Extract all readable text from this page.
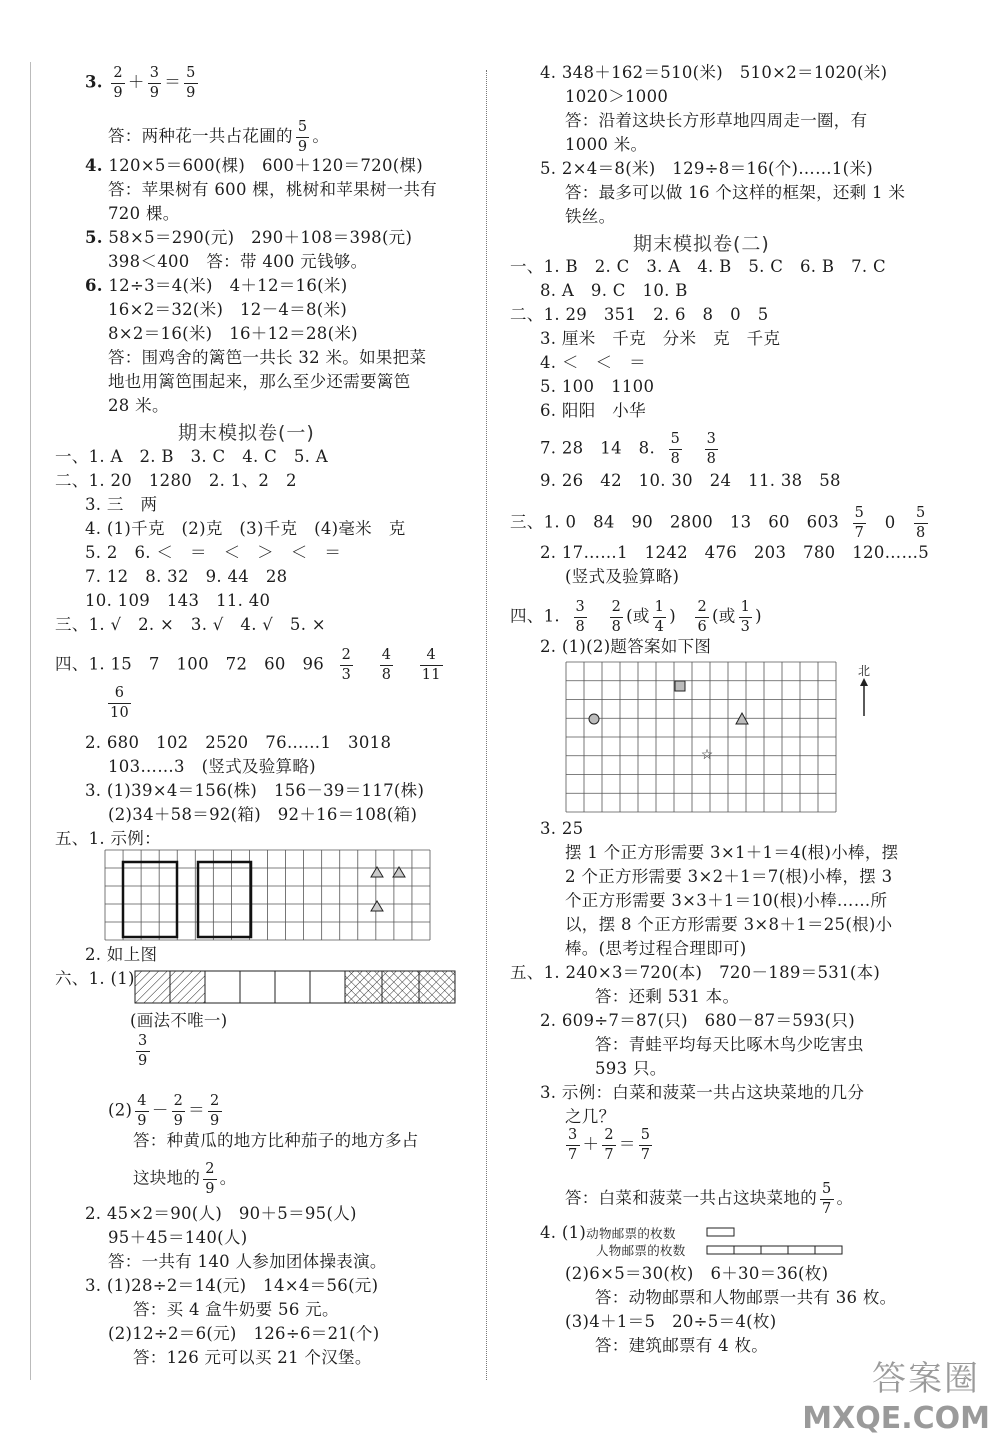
3. $\frac{2}{9} + \frac{3}{9} = \frac{5}{9}$
答：两种花一共占花圃的 $\frac{5}{9}$ 。
4. 120×5＝600(棵)　600＋120＝720(棵)
答：苹果树有 600 棵，桃树和苹果树一共有
720 棵。
5. 58×5＝290(元)　290＋108＝398(元)
398＜400　答：带 400 元钱够。
6. 12÷3＝4(米)　4＋12＝16(米)
16×2＝32(米)　12－4＝8(米)
8×2＝16(米)　16＋12＝28(米)
答：围鸡舍的篱笆一共长 32 米。如果把菜
地也用篱笆围起来，那么至少还需要篱笆
28 米。
期末模拟卷(一)
一、1. A　2. B　3. C　4. C　5. A
二、1. 20　1280　2. 1、2　2
3. 三　两
4. (1)千克　(2)克　(3)千克　(4)毫米　克
5. 2　6. ＜　＝　＜　＞　＜　＝
7. 12　8. 32　9. 44　28
10. 109　143　11. 40
三、1. √　2. ×　3. √　4. √　5. ×
四、1. 15　7　100　72　60　$96 \frac{2}{3}$
$\frac{4}{8}$
$\frac{4}{11}$
$\frac{6}{10}$
2. 680　102　2520　76……1　3018
103……3　(竖式及验算略)
3. (1)39×4＝156(株)　156－39＝117(株)
(2)34＋58＝92(箱)　92＋16＝108(箱)
五、1. 示例：
2. 如上图
六、1. (1)
(画法不唯一)
$\frac{3}{9}$
$(2) \frac{4}{9} - \frac{2}{9} = \frac{2}{9}$
答：种黄瓜的地方比种茄子的地方多占
这块地的 $\frac{2}{9}$ 。
2. 45×2＝90(人)　90＋5＝95(人)
95＋45＝140(人)
答：一共有 140 人参加团体操表演。
3. (1)28÷2＝14(元)　14×4＝56(元)
答：买 4 盒牛奶要 56 元。
(2)12÷2＝6(元)　126÷6＝21(个)
答：126 元可以买 21 个汉堡。
4. 348＋162＝510(米)　510×2＝1020(米)
1020＞1000
答：沿着这块长方形草地四周走一圈，有
1000 米。
5. 2×4＝8(米)　129÷8＝16(个)……1(米)
答：最多可以做 16 个这样的框架，还剩 1 米
铁丝。
期末模拟卷(二)
一、1. B　2. C　3. A　4. B　5. C　6. B　7. C
8. A　9. C　10. B
二、1. 29　351　2. 6　8　0　5
3. 厘米　千克　分米　克　千克
4. ＜　＜　＝
5. 100　1100
6. 阳阳　小华
7. 28　14　8. $\frac{5}{8}$
$\frac{3}{8}$
9. 26　42　10. 30　24　11. 38　58
三、1. 0　84　90　2800　13　60　$603 \frac{5}{7} 0 \frac{5}{8}$
2. 17……1　1242　476　203　780　120……5
(竖式及验算略)
四、1. $\frac{3}{8}$
$\frac{2}{8}$ (或 $\frac{1}{4}$ ) $\frac{2}{6}$ (或 $\frac{1}{3}$ )
2. (1)(2)题答案如下图
☆
北
3. 25
摆 1 个正方形需要 3×1＋1＝4(根)小棒，摆
2 个正方形需要 3×2＋1＝7(根)小棒，摆 3
个正方形需要 3×3＋1＝10(根)小棒……所
以，摆 8 个正方形需要 3×8＋1＝25(根)小
棒。(思考过程合理即可)
五、1. 240×3＝720(本)　720－189＝531(本)
答：还剩 531 本。
2. 609÷7＝87(只)　680－87＝593(只)
答：青蛙平均每天比啄木鸟少吃害虫
593 只。
3. 示例：白菜和菠菜一共占这块菜地的几分
之几？
$\frac{3}{7} + \frac{2}{7} = \frac{5}{7}$
答：白菜和菠菜一共占这块菜地的 $\frac{5}{7}$ 。
4. (1)动物邮票的枚数
人物邮票的枚数
(2)6×5＝30(枚)　6＋30＝36(枚)
答：动物邮票和人物邮票一共有 36 枚。
(3)4＋1＝5　20÷5＝4(枚)
答：建筑邮票有 4 枚。
答案圈
MXQE.COM
